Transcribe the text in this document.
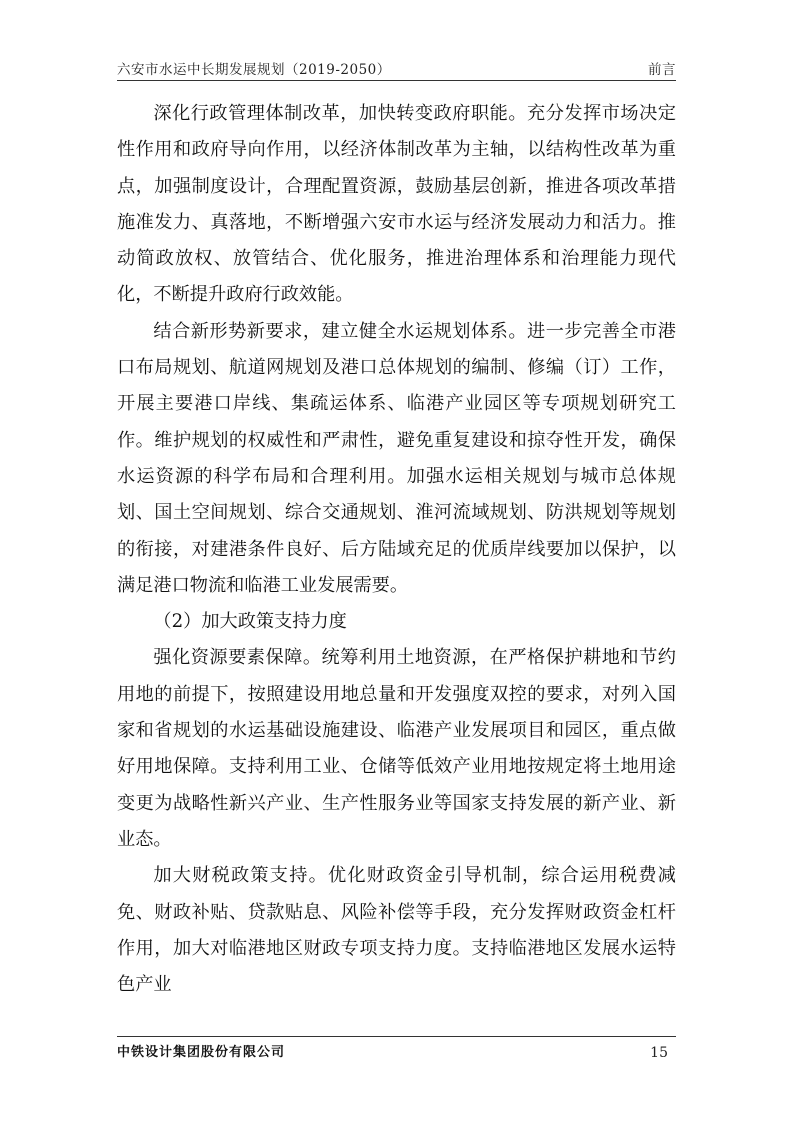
六安市水运中长期发展规划（2019-2050）	前言

深化行政管理体制改革，加快转变政府职能。充分发挥市场决定性作用和政府导向作用，以经济体制改革为主轴，以结构性改革为重点，加强制度设计，合理配置资源，鼓励基层创新，推进各项改革措施准发力、真落地，不断增强六安市水运与经济发展动力和活力。推动简政放权、放管结合、优化服务，推进治理体系和治理能力现代化，不断提升政府行政效能。

结合新形势新要求，建立健全水运规划体系。进一步完善全市港口布局规划、航道网规划及港口总体规划的编制、修编（订）工作，开展主要港口岸线、集疏运体系、临港产业园区等专项规划研究工作。维护规划的权威性和严肃性，避免重复建设和掠夺性开发，确保水运资源的科学布局和合理利用。加强水运相关规划与城市总体规划、国土空间规划、综合交通规划、淮河流域规划、防洪规划等规划的衔接，对建港条件良好、后方陆域充足的优质岸线要加以保护，以满足港口物流和临港工业发展需要。

（2）加大政策支持力度

强化资源要素保障。统筹利用土地资源，在严格保护耕地和节约用地的前提下，按照建设用地总量和开发强度双控的要求，对列入国家和省规划的水运基础设施建设、临港产业发展项目和园区，重点做好用地保障。支持利用工业、仓储等低效产业用地按规定将土地用途变更为战略性新兴产业、生产性服务业等国家支持发展的新产业、新业态。

加大财税政策支持。优化财政资金引导机制，综合运用税费减免、财政补贴、贷款贴息、风险补偿等手段，充分发挥财政资金杠杆作用，加大对临港地区财政专项支持力度。支持临港地区发展水运特色产业

中铁设计集团股份有限公司	15
